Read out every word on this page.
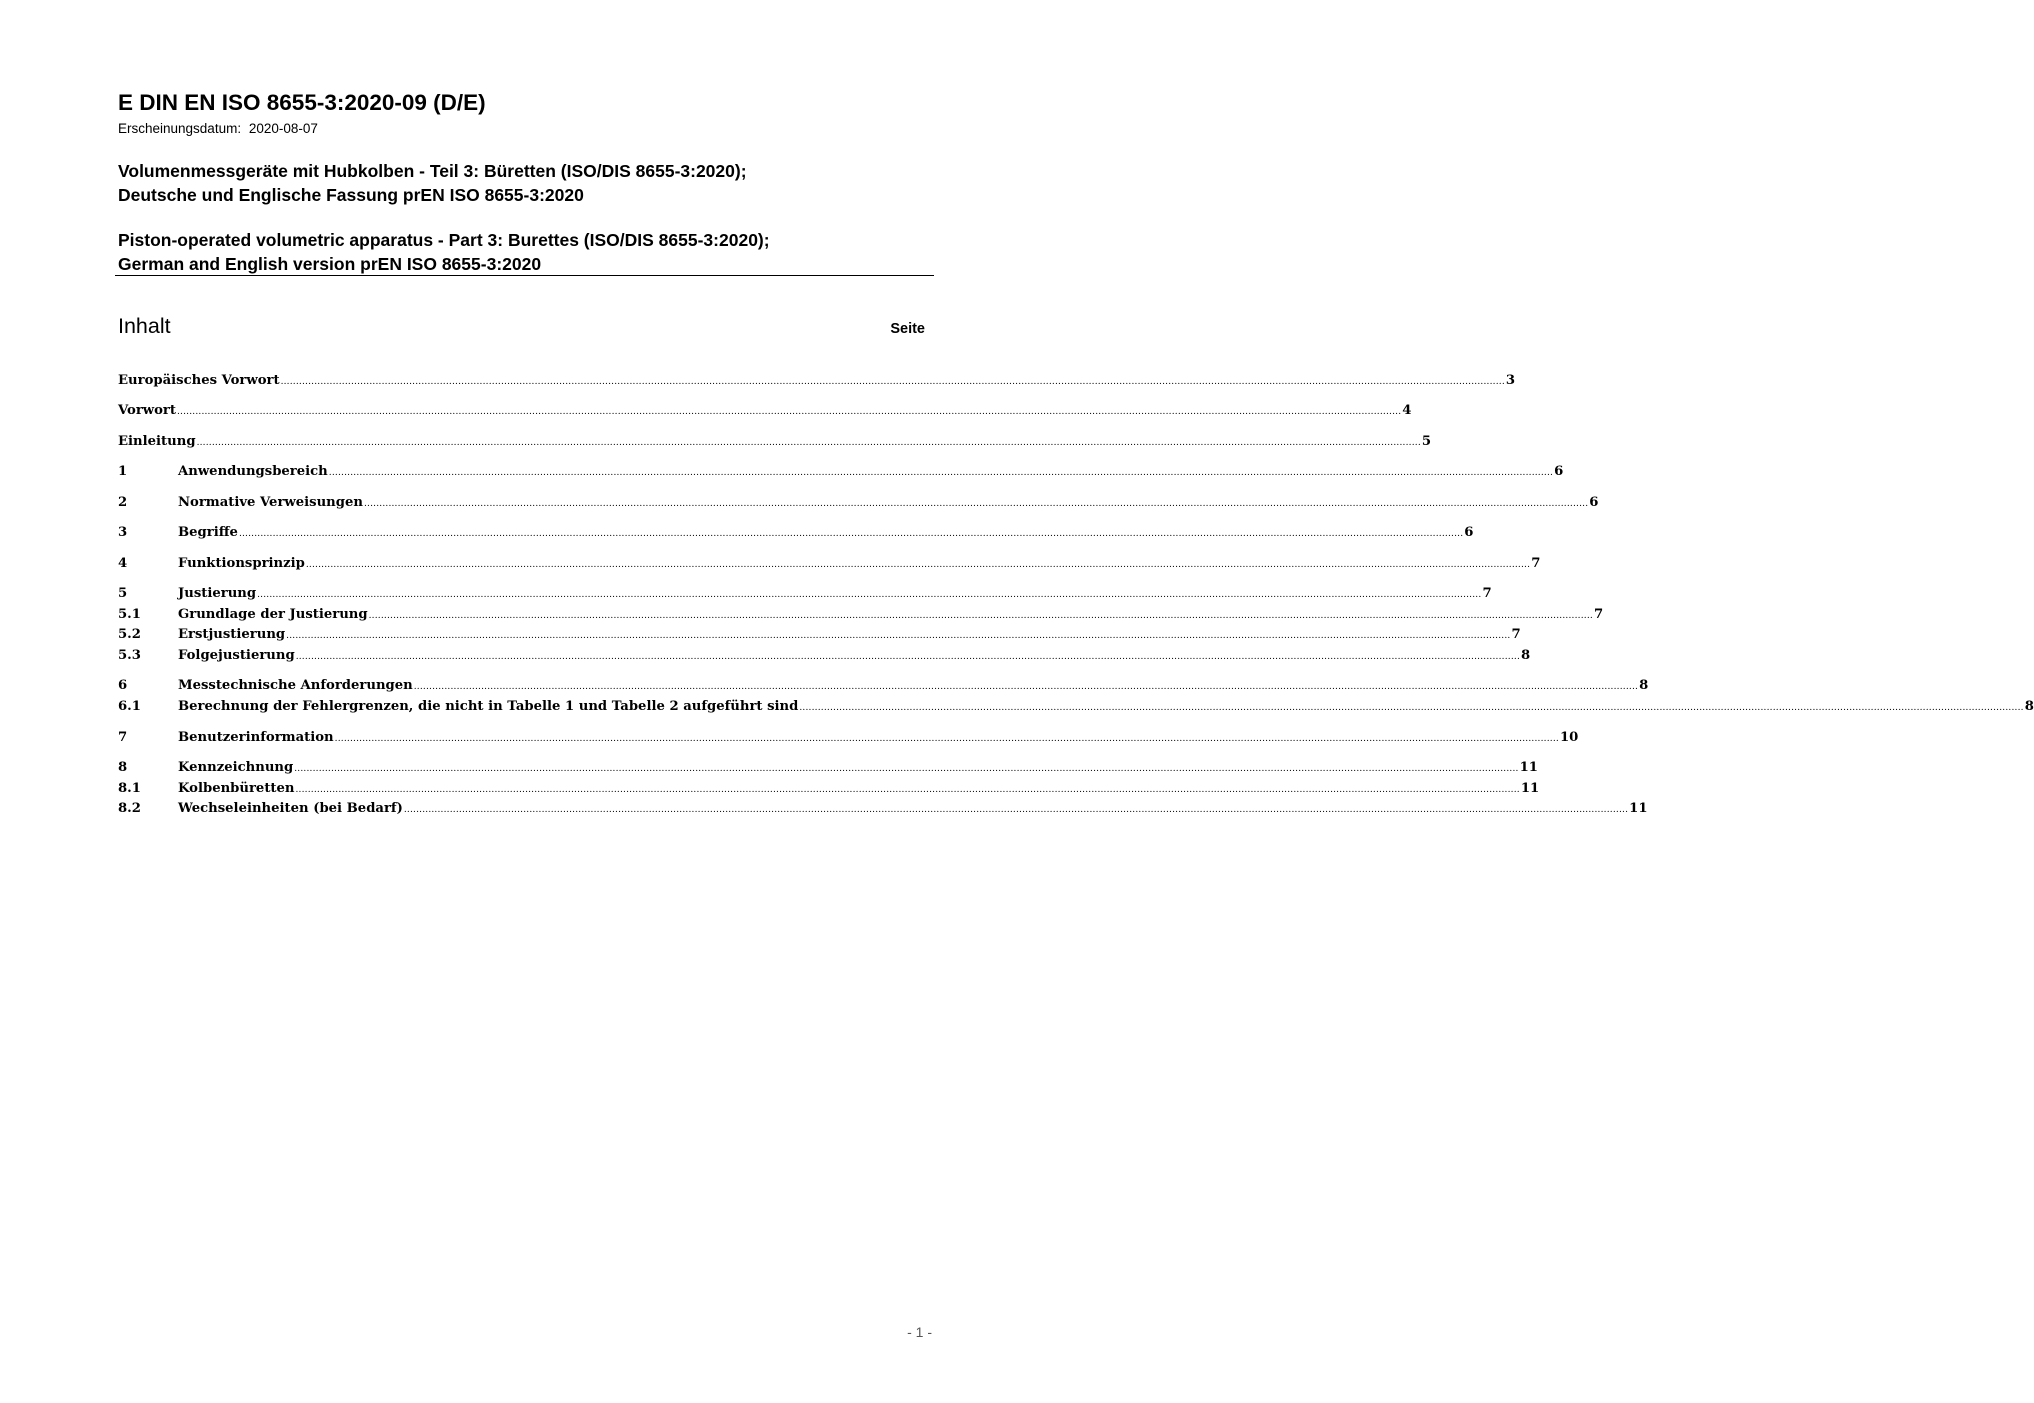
E DIN EN ISO 8655-3:2020-09 (D/E)
Erscheinungsdatum: 2020-08-07
Volumenmessgeräte mit Hubkolben - Teil 3: Büretten (ISO/DIS 8655-3:2020);
Deutsche und Englische Fassung prEN ISO 8655-3:2020
Piston-operated volumetric apparatus - Part 3: Burettes (ISO/DIS 8655-3:2020);
German and English version prEN ISO 8655-3:2020
Inhalt	Seite
Europäisches Vorwort ................................................................................................................................................................................................................................................................................................................................................................................................................ 3
Vorwort ................................................................................................................................................................................................................................................................................................................................................................................................................ 4
Einleitung ................................................................................................................................................................................................................................................................................................................................................................................................................ 5
1	Anwendungsbereich ................................................................................................................................................................................................................................................................................................................................................................................................................ 6
2	Normative Verweisungen ................................................................................................................................................................................................................................................................................................................................................................................................................ 6
3	Begriffe ................................................................................................................................................................................................................................................................................................................................................................................................................ 6
4	Funktionsprinzip ................................................................................................................................................................................................................................................................................................................................................................................................................ 7
5	Justierung ................................................................................................................................................................................................................................................................................................................................................................................................................ 7
5.1	Grundlage der Justierung ................................................................................................................................................................................................................................................................................................................................................................................................................ 7
5.2	Erstjustierung ................................................................................................................................................................................................................................................................................................................................................................................................................ 7
5.3	Folgejustierung ................................................................................................................................................................................................................................................................................................................................................................................................................ 8
6	Messtechnische Anforderungen ................................................................................................................................................................................................................................................................................................................................................................................................................ 8
6.1	Berechnung der Fehlergrenzen, die nicht in Tabelle 1 und Tabelle 2 aufgeführt sind ................................................................................................................................................................................................................................................................................................................................................................................................................ 8
7	Benutzerinformation ................................................................................................................................................................................................................................................................................................................................................................................................................ 10
8	Kennzeichnung ................................................................................................................................................................................................................................................................................................................................................................................................................ 11
8.1	Kolbenbüretten ................................................................................................................................................................................................................................................................................................................................................................................................................ 11
8.2	Wechseleinheiten (bei Bedarf) ................................................................................................................................................................................................................................................................................................................................................................................................................ 11
- 1 -
